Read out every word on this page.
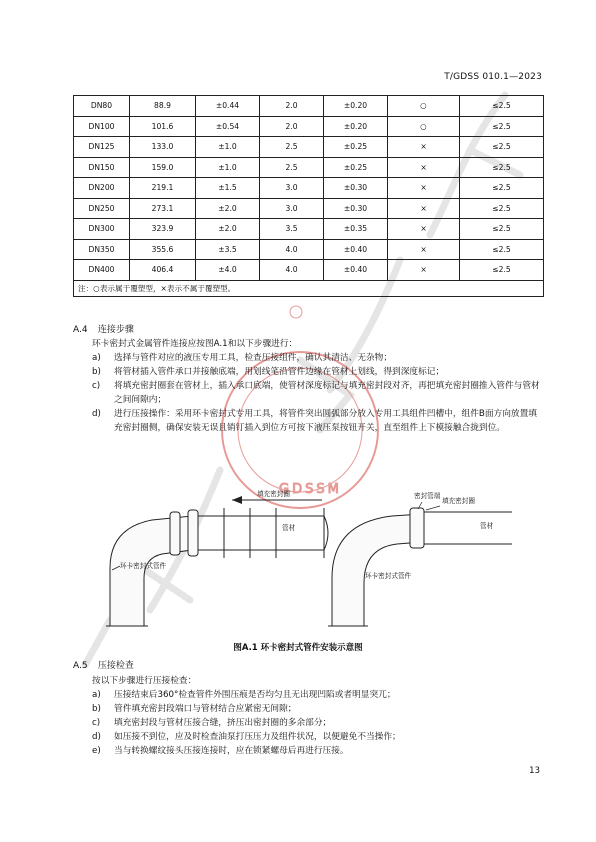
GDSSM
T/GDSS 010.1—2023
DN80	88.9	±0.44	2.0	±0.20	○	≤2.5
DN100	101.6	±0.54	2.0	±0.20	○	≤2.5
DN125	133.0	±1.0	2.5	±0.25	×	≤2.5
DN150	159.0	±1.0	2.5	±0.25	×	≤2.5
DN200	219.1	±1.5	3.0	±0.30	×	≤2.5
DN250	273.1	±2.0	3.0	±0.30	×	≤2.5
DN300	323.9	±2.0	3.5	±0.35	×	≤2.5
DN350	355.6	±3.5	4.0	±0.40	×	≤2.5
DN400	406.4	±4.0	4.0	±0.40	×	≤2.5
注：○表示属于覆塑型，×表示不属于覆塑型。						
A.4 连接步骤
环卡密封式金属管件连接应按图A.1和以下步骤进行：
a) 选择与管件对应的液压专用工具，检查压接组件，确认其清洁、无杂物；
b) 将管材插入管件承口并接触底端，用划线笔沿管件边缘在管材上划线，得到深度标记；
c) 将填充密封圈套在管材上，插入承口底端，使管材深度标记与填充密封段对齐，再把填充密封圈推入管件与管材之间间隙内；
d) 进行压接操作：采用环卡密封式专用工具，将管件突出圆弧部分放入专用工具组件凹槽中，组件B面方向放置填充密封圈侧，确保安装无误且销钉插入到位方可按下液压泵按钮开关，直至组件上下模接触合拢到位。
填充密封圈
管材
环卡密封式管件
密封管端
填充密封圈
管材
环卡密封式管件
图A.1 环卡密封式管件安装示意图
A.5 压接检查
按以下步骤进行压接检查：
a) 压接结束后360°检查管件外围压痕是否均匀且无出现凹陷或者明显突兀；
b) 管件填充密封段端口与管材结合应紧密无间隙；
c) 填充密封段与管材压接合缝，挤压出密封圈的多余部分；
d) 如压接不到位，应及时检查油泵打压压力及组件状况，以便避免不当操作；
e) 当与转换螺纹接头压接连接时，应在锁紧螺母后再进行压接。
13
